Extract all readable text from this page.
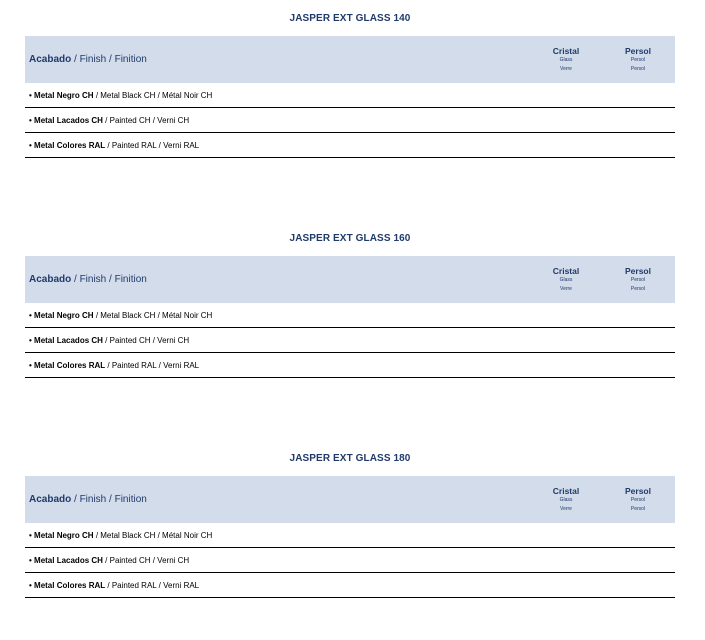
JASPER EXT GLASS 140
Acabado / Finish / Finition
Cristal
Glass
Verre
Persol
Persol
Persol
• Metal Negro CH / Metal Black CH / Métal Noir CH
• Metal Lacados CH / Painted CH / Verni CH
• Metal Colores RAL / Painted RAL / Verni RAL
JASPER EXT GLASS 160
Acabado / Finish / Finition
Cristal
Glass
Verre
Persol
Persol
Persol
• Metal Negro CH / Metal Black CH / Métal Noir CH
• Metal Lacados CH / Painted CH / Verni CH
• Metal Colores RAL / Painted RAL / Verni RAL
JASPER EXT GLASS 180
Acabado / Finish / Finition
Cristal
Glass
Verre
Persol
Persol
Persol
• Metal Negro CH / Metal Black CH / Métal Noir CH
• Metal Lacados CH / Painted CH / Verni CH
• Metal Colores RAL / Painted RAL / Verni RAL
